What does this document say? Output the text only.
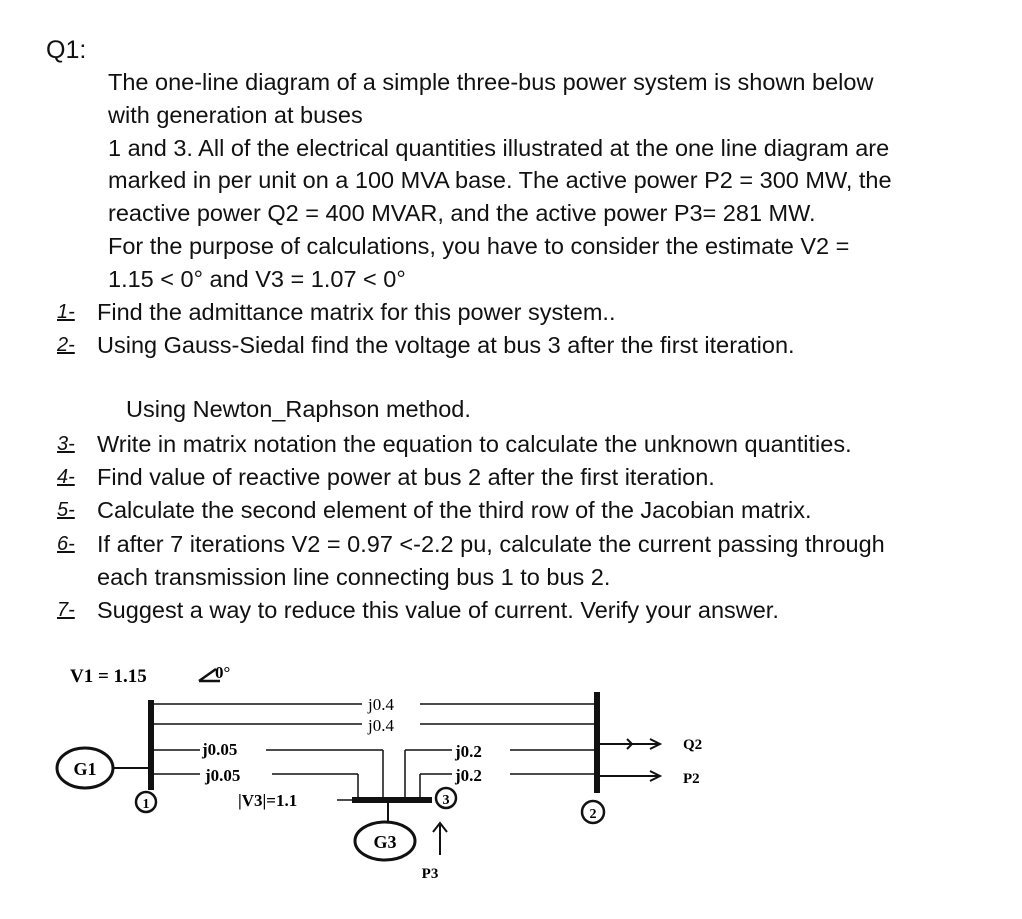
Q1:
The one-line diagram of a simple three-bus power system is shown below
with generation at buses
1 and 3. All of the electrical quantities illustrated at the one line diagram are
marked in per unit on a 100 MVA base. The active power P2 = 300 MW, the
reactive power Q2 = 400 MVAR, and the active power P3= 281 MW.
For the purpose of calculations, you have to consider the estimate V2 =
1.15 < 0° and V3 = 1.07 < 0°
1- Find the admittance matrix for this power system..
2- Using Gauss-Siedal find the voltage at bus 3 after the first iteration.
Using Newton_Raphson method.
3- Write in matrix notation the equation to calculate the unknown quantities.
4- Find value of reactive power at bus 2 after the first iteration.
5- Calculate the second element of the third row of the Jacobian matrix.
6- If after 7 iterations V2 = 0.97 <-2.2 pu, calculate the current passing through
each transmission line connecting bus 1 to bus 2.
7- Suggest a way to reduce this value of current. Verify your answer.
V1 = 1.15	0°
G1
1
2
j0.4
j0.4
j0.05
j0.05
|V3|=1.1	3
j0.2
j0.2
G3
P3
Q2
P2
